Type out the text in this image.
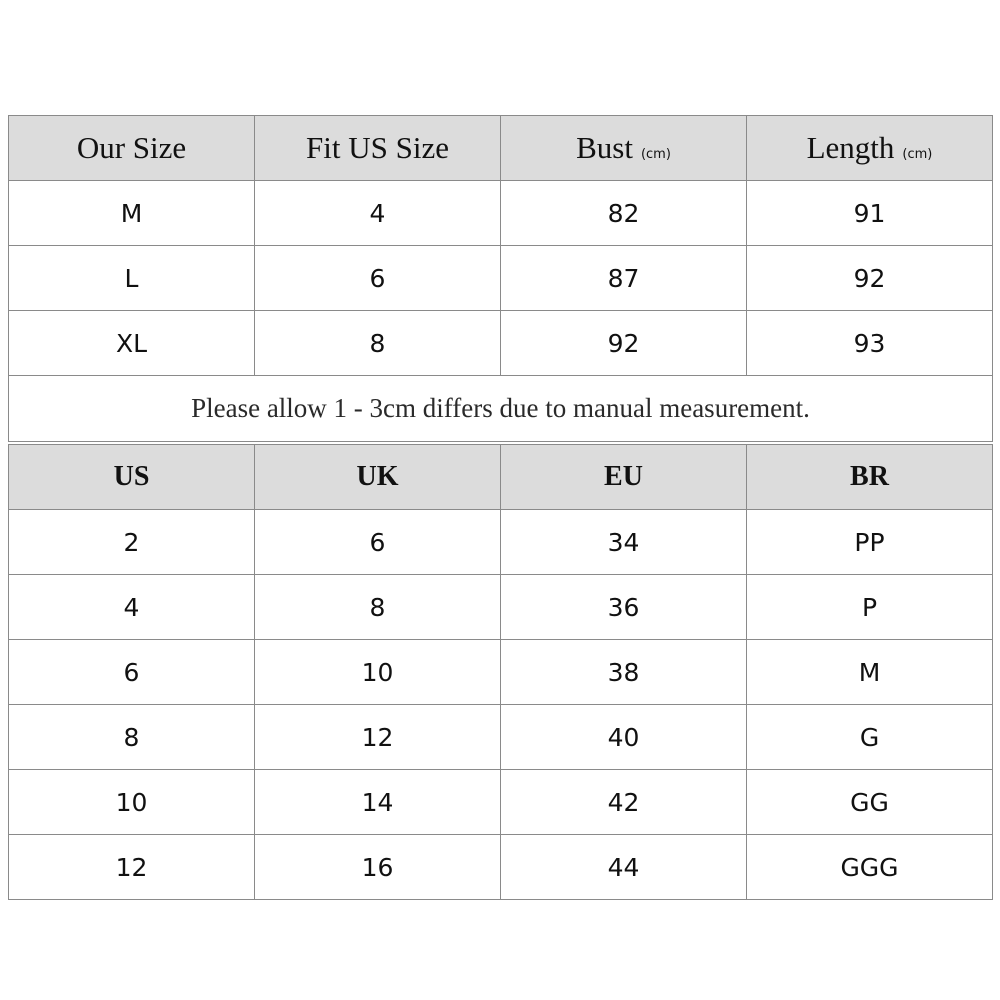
Our Size	Fit US Size	Bust (cm)	Length (cm)
M	4	82	91
L	6	87	92
XL	8	92	93
Please allow 1 - 3cm differs due to manual measurement.			
US	UK	EU	BR
2	6	34	PP
4	8	36	P
6	10	38	M
8	12	40	G
10	14	42	GG
12	16	44	GGG
